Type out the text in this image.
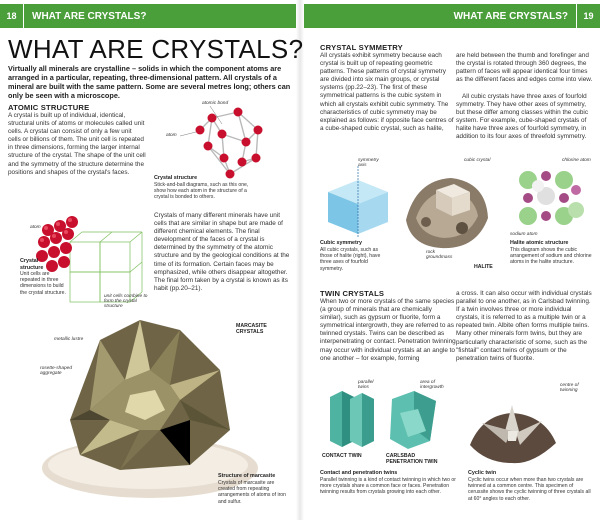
18	WHAT ARE CRYSTALS?	WHAT ARE CRYSTALS?	19
WHAT ARE CRYSTALS?
Virtually all minerals are crystalline – solids in which the component atoms are arranged in a particular, repeating, three-dimensional pattern. All crystals of a mineral are built with the same pattern. Some are several metres long; others can only be seen with a microscope.
ATOMIC STRUCTURE
A crystal is built up of individual, identical, structural units of atoms or molecules called unit cells. A crystal can consist of only a few unit cells or billions of them. The unit cell is repeated in three dimensions, forming the larger internal structure of the crystal. The shape of the unit cell and the symmetry of the structure determine the positions and shapes of the crystal's faces.
atomic bond
atom
Crystal structure
Stick-and-ball diagrams, such as this one, show how each atom in the structure of a crystal is bonded to others.
atom
Crystal structure
Unit cells are repeated in three dimensions to build the crystal structure.
unit cells combine to form the crystal structure
Crystals of many different minerals have unit cells that are similar in shape but are made of different chemical elements. The final development of the faces of a crystal is determined by the symmetry of the atomic structure and by the geological conditions at the time of its formation. Certain faces may be emphasized, while others disappear altogether. The final form taken by a crystal is known as its habit (pp.20–21).
MARCASITE CRYSTALS
metallic lustre
rosette-shaped aggregate
Structure of marcasite
Crystals of marcasite are created from repeating arrangements of atoms of iron and sulfur.
CRYSTAL SYMMETRY
All crystals exhibit symmetry because each crystal is built up of repeating geometric patterns. These patterns of crystal symmetry are divided into six main groups, or crystal systems (pp.22–23). The first of these symmetrical patterns is the cubic system in which all crystals exhibit cubic symmetry. The characteristics of cubic symmetry may be explained as follows: if opposite face centres of a cube-shaped cubic crystal, such as halite,
are held between the thumb and forefinger and the crystal is rotated through 360 degrees, the pattern of faces will appear identical four times as the different faces and edges come into view.
All cubic crystals have three axes of fourfold symmetry. They have other axes of symmetry, but these differ among classes within the cubic system. For example, cube-shaped crystals of halite have three axes of fourfold symmetry, in addition to its four axes of threefold symmetry.
symmetry axis
Cubic symmetry
All cubic crystals, such as those of halite (right), have three axes of fourfold symmetry.
cubic crystal
rock groundmass
HALITE
chlorine atom
sodium atom
Halite atomic structure
This diagram shows the cubic arrangement of sodium and chlorine atoms in the halite structure.
TWIN CRYSTALS
When two or more crystals of the same species (a group of minerals that are chemically similar), such as gypsum or fluorite, form a symmetrical intergrowth, they are referred to as twinned crystals. Twins can be described as interpenetrating or contact. Penetration twinning may occur with individual crystals at an angle to one another – for example, forming
a cross. It can also occur with individual crystals parallel to one another, as in Carlsbad twinning. If a twin involves three or more individual crystals, it is referred to as a multiple twin or a repeated twin. Albite often forms multiple twins. Many other minerals form twins, but they are particularly characteristic of some, such as the "fishtail" contact twins of gypsum or the penetration twins of fluorite.
parallel twins
area of intergrowth
CONTACT TWIN	CARLSBAD PENETRATION TWIN
Contact and penetration twins
Parallel twinning is a kind of contact twinning in which two or more crystals share a common face or faces. Penetration twinning results from crystals growing into each other.
centre of twinning
Cyclic twin
Cyclic twins occur when more than two crystals are twinned at a common centre. This specimen of cerussite shows the cyclic twinning of three crystals all at 60° angles to each other.
